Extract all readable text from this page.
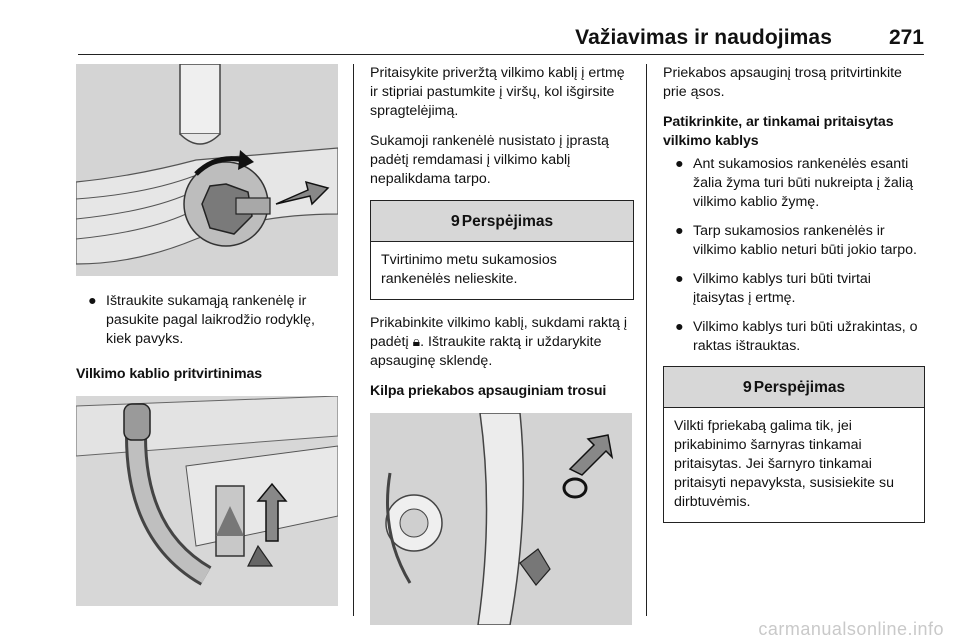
Važiavimas ir naudojimas	271
● Ištraukite sukamąją rankenėlę ir pasukite pagal laikrodžio rodyklę, kiek pavyks.
Vilkimo kablio pritvirtinimas

Pritaisykite priveržtą vilkimo kablį į ertmę ir stipriai pastumkite į viršų, kol išgirsite spragtelėjimą.

Sukamoji rankenėlė nusistato į įprastą padėtį remdamasi į vilkimo kablį nepalikdama tarpo.

9 Perspėjimas
Tvirtinimo metu sukamosios rankenėlės nelieskite.

Prikabinkite vilkimo kablį, sukdami raktą į padėtį 🔒︎. Ištraukite raktą ir uždarykite apsauginę sklendę.

Kilpa priekabos apsauginiam trosui

Priekabos apsauginį trosą pritvirtinkite prie ąsos.

Patikrinkite, ar tinkamai pritaisytas vilkimo kablys
● Ant sukamosios rankenėlės esanti žalia žyma turi būti nukreipta į žalią vilkimo kablio žymę.
● Tarp sukamosios rankenėlės ir vilkimo kablio neturi būti jokio tarpo.
● Vilkimo kablys turi būti tvirtai įtaisytas į ertmę.
● Vilkimo kablys turi būti užrakintas, o raktas ištrauktas.
9 Perspėjimas
Vilkti fpriekabą galima tik, jei prikabinimo šarnyras tinkamai pritaisytas. Jei šarnyro tinkamai pritaisyti nepavyksta, susisiekite su dirbtuvėmis.
carmanualsonline.info
